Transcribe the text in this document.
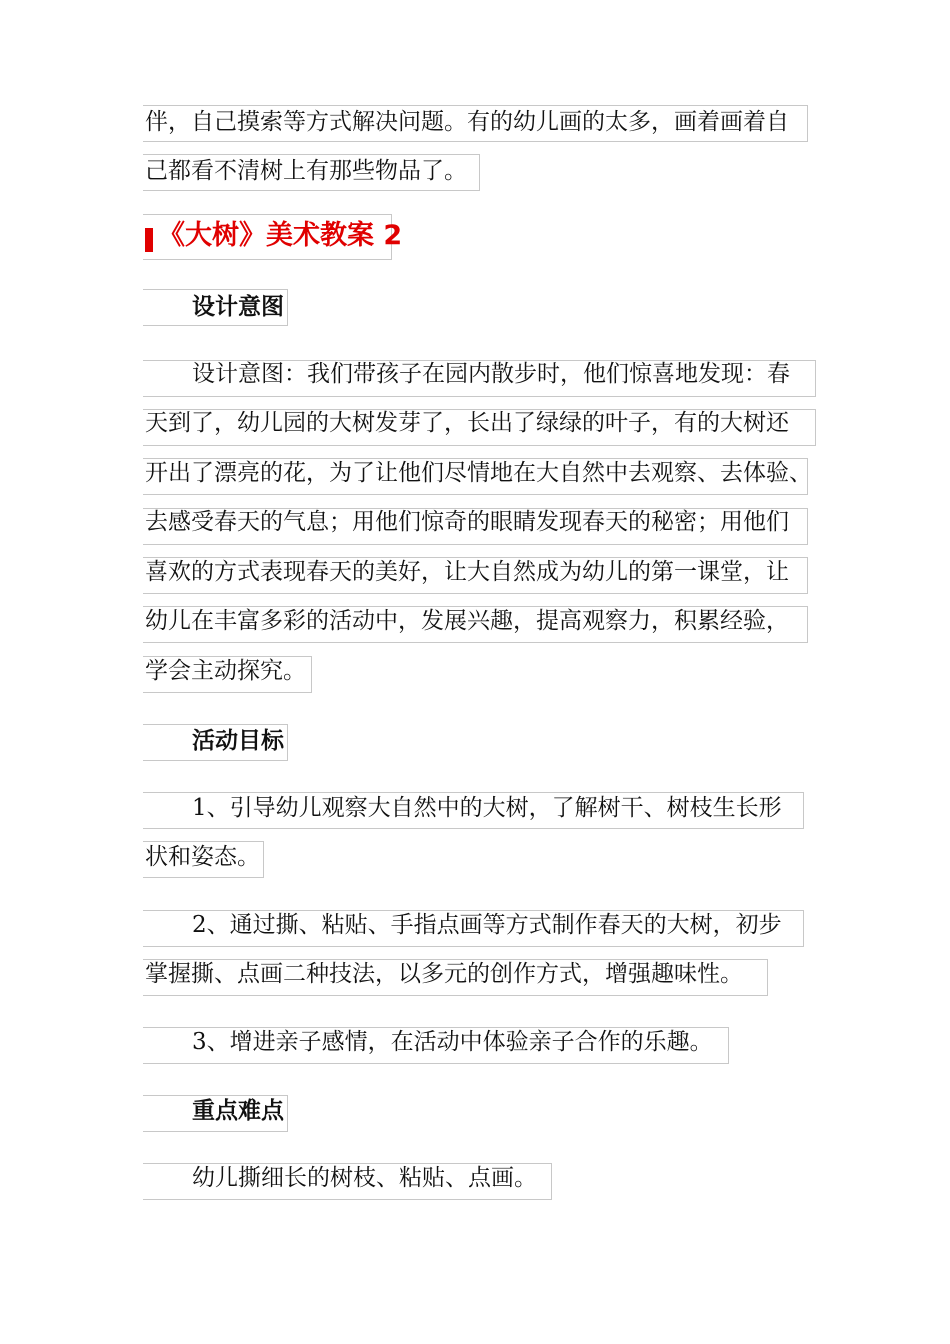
伴，自己摸索等方式解决问题。有的幼儿画的太多，画着画着自
己都看不清树上有那些物品了。
《大树》美术教案 2
设计意图
设计意图：我们带孩子在园内散步时，他们惊喜地发现：春
天到了，幼儿园的大树发芽了，长出了绿绿的叶子，有的大树还
开出了漂亮的花，为了让他们尽情地在大自然中去观察、去体验、
去感受春天的气息；用他们惊奇的眼睛发现春天的秘密；用他们
喜欢的方式表现春天的美好，让大自然成为幼儿的第一课堂，让
幼儿在丰富多彩的活动中，发展兴趣，提高观察力，积累经验，
学会主动探究。
活动目标
1、引导幼儿观察大自然中的大树，了解树干、树枝生长形
状和姿态。
2、通过撕、粘贴、手指点画等方式制作春天的大树，初步
掌握撕、点画二种技法，以多元的创作方式，增强趣味性。
3、增进亲子感情，在活动中体验亲子合作的乐趣。
重点难点
幼儿撕细长的树枝、粘贴、点画。
